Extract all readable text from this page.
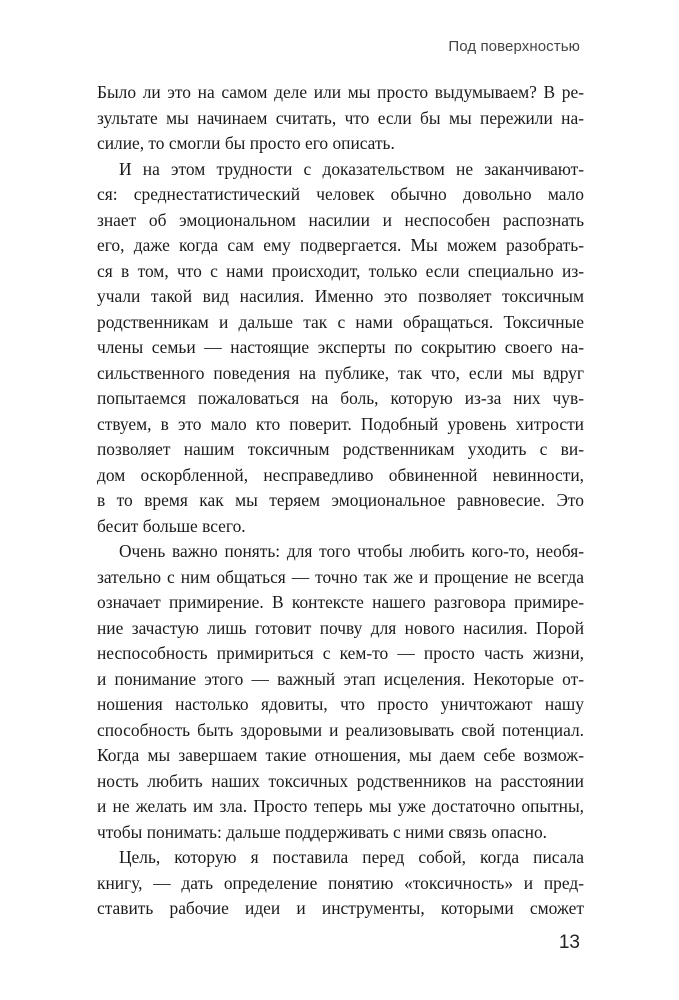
Под поверхностью
Было ли это на самом деле или мы просто выдумываем? В ре-
зультате мы начинаем считать, что если бы мы пережили на-
силие, то смогли бы просто его описать.
И на этом трудности с доказательством не заканчивают-
ся: среднестатистический человек обычно довольно мало
знает об эмоциональном насилии и неспособен распознать
его, даже когда сам ему подвергается. Мы можем разобрать-
ся в том, что с нами происходит, только если специально из-
учали такой вид насилия. Именно это позволяет токсичным
родственникам и дальше так с нами обращаться. Токсичные
члены семьи — настоящие эксперты по сокрытию своего на-
сильственного поведения на публике, так что, если мы вдруг
попытаемся пожаловаться на боль, которую из-за них чув-
ствуем, в это мало кто поверит. Подобный уровень хитрости
позволяет нашим токсичным родственникам уходить с ви-
дом оскорбленной, несправедливо обвиненной невинности,
в то время как мы теряем эмоциональное равновесие. Это
бесит больше всего.
Очень важно понять: для того чтобы любить кого-то, необя-
зательно с ним общаться — точно так же и прощение не всегда
означает примирение. В контексте нашего разговора примире-
ние зачастую лишь готовит почву для нового насилия. Порой
неспособность примириться с кем-то — просто часть жизни,
и понимание этого — важный этап исцеления. Некоторые от-
ношения настолько ядовиты, что просто уничтожают нашу
способность быть здоровыми и реализовывать свой потенциал.
Когда мы завершаем такие отношения, мы даем себе возмож-
ность любить наших токсичных родственников на расстоянии
и не желать им зла. Просто теперь мы уже достаточно опытны,
чтобы понимать: дальше поддерживать с ними связь опасно.
Цель, которую я поставила перед собой, когда писала
книгу, — дать определение понятию «токсичность» и пред-
ставить рабочие идеи и инструменты, которыми сможет
13
